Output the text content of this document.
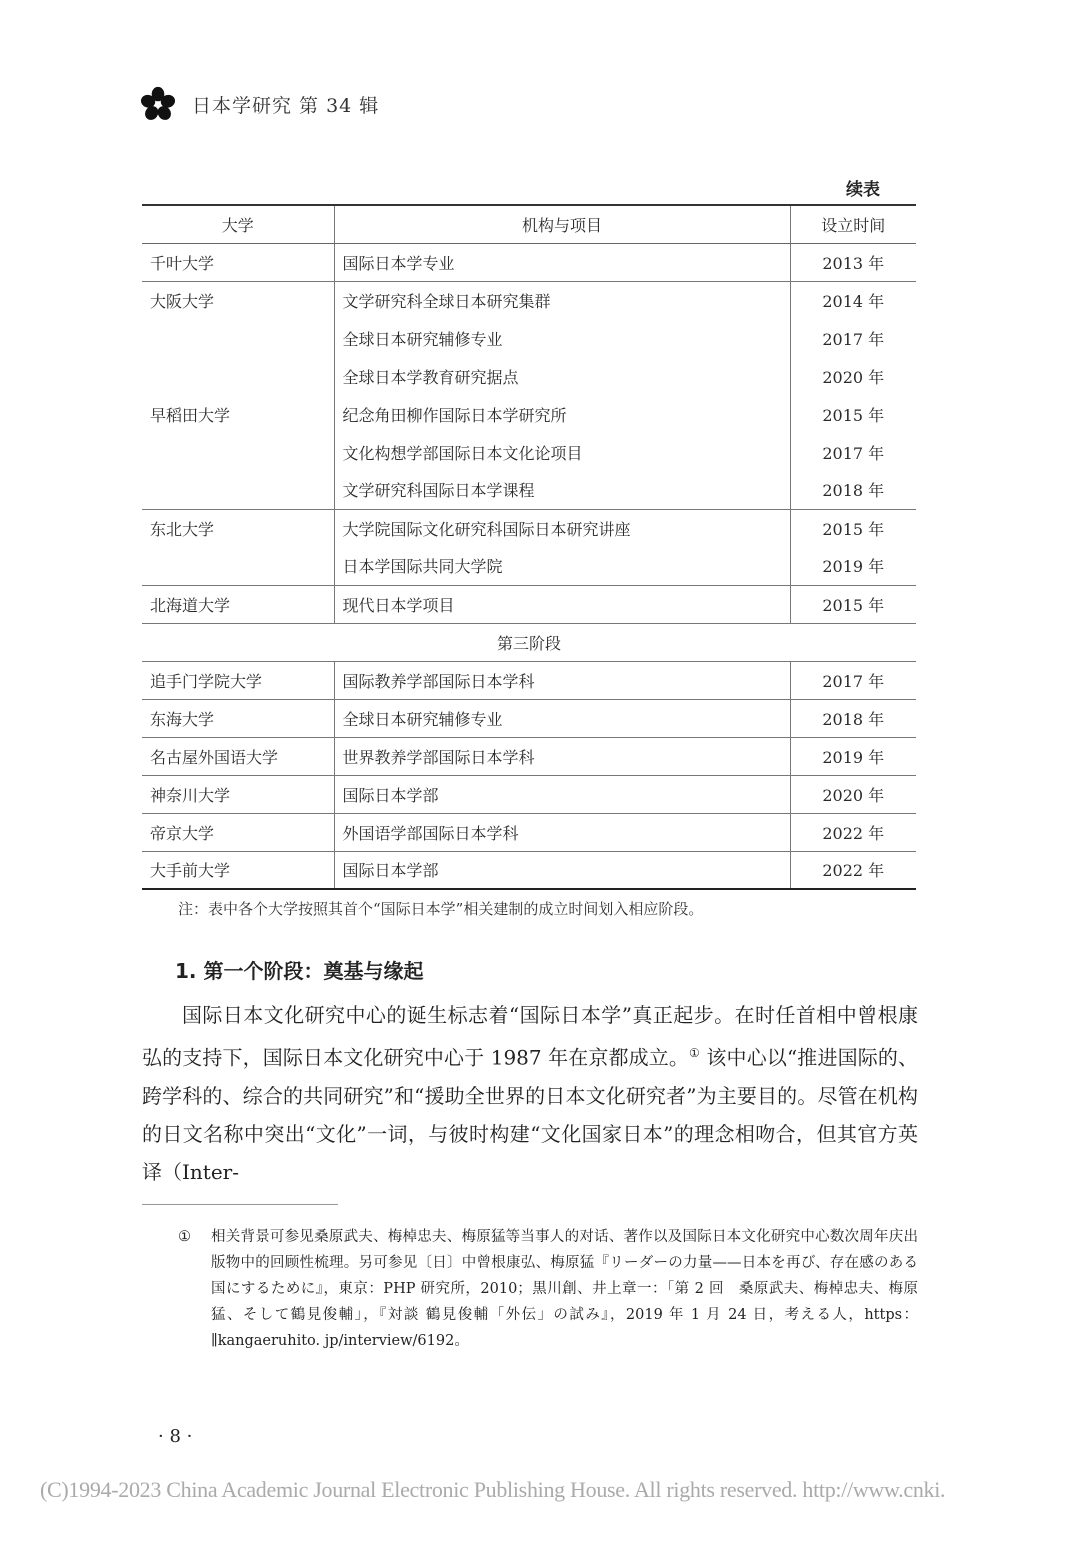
日本学研究 第 34 辑
续表
大学	机构与项目	设立时间
千叶大学	国际日本学专业	2013 年
大阪大学	文学研究科全球日本研究集群	2014 年
	全球日本研究辅修专业	2017 年
	全球日本学教育研究据点	2020 年
早稻田大学	纪念角田柳作国际日本学研究所	2015 年
	文化构想学部国际日本文化论项目	2017 年
	文学研究科国际日本学课程	2018 年
东北大学	大学院国际文化研究科国际日本研究讲座	2015 年
	日本学国际共同大学院	2019 年
北海道大学	现代日本学项目	2015 年
第三阶段		
追手门学院大学	国际教养学部国际日本学科	2017 年
东海大学	全球日本研究辅修专业	2018 年
名古屋外国语大学	世界教养学部国际日本学科	2019 年
神奈川大学	国际日本学部	2020 年
帝京大学	外国语学部国际日本学科	2022 年
大手前大学	国际日本学部	2022 年
注：表中各个大学按照其首个“国际日本学”相关建制的成立时间划入相应阶段。
1. 第一个阶段：奠基与缘起

国际日本文化研究中心的诞生标志着“国际日本学”真正起步。在时任首相中曾根康弘的支持下，国际日本文化研究中心于 1987 年在京都成立。① 该中心以“推进国际的、跨学科的、综合的共同研究”和“援助全世界的日本文化研究者”为主要目的。尽管在机构的日文名称中突出“文化”一词，与彼时构建“文化国家日本”的理念相吻合，但其官方英译（Inter-

① 相关背景可参见桑原武夫、梅棹忠夫、梅原猛等当事人的对话、著作以及国际日本文化研究中心数次周年庆出版物中的回顾性梳理。另可参见〔日〕中曾根康弘、梅原猛『リーダーの力量——日本を再び、存在感のある国にするために』，東京：PHP 研究所，2010；黒川創、井上章一：「第 2 回　桑原武夫、梅棹忠夫、梅原猛、そして鶴見俊輔」，『対談 鶴見俊輔「外伝」の試み』，2019 年 1 月 24 日，考える人，https：∥kangaeruhito. jp/interview/6192。
· 8 ·
(C)1994-2023 China Academic Journal Electronic Publishing House. All rights reserved. http://www.cnki.
